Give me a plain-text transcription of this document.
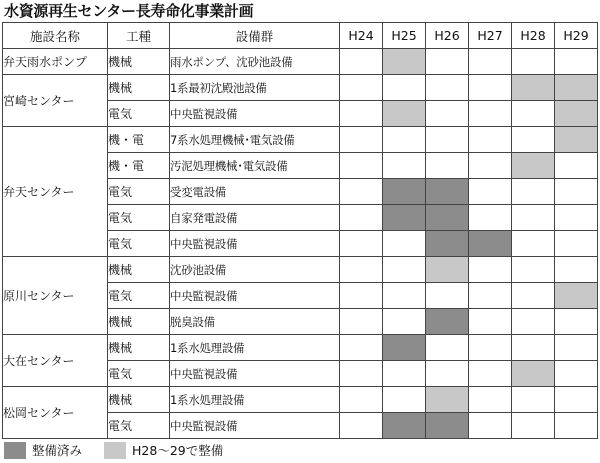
水資源再生センター長寿命化事業計画
施設名称	工種	設備群	H24	H25	H26	H27	H28	H29
弁天雨水ポンプ	機械	雨水ポンプ、沈砂池設備						
宮崎センター	機械	1系最初沈殿池設備						
	電気	中央監視設備						
弁天センター	機・電	7系水処理機械･電気設備						
	機・電	汚泥処理機械･電気設備						
	電気	受変電設備						
	電気	自家発電設備						
	電気	中央監視設備						
原川センター	機械	沈砂池設備						
	電気	中央監視設備						
	機械	脱臭設備						
大在センター	機械	1系水処理設備						
	電気	中央監視設備						
松岡センター	機械	1系水処理設備						
	電気	中央監視設備						
整備済み	H28～29で整備
